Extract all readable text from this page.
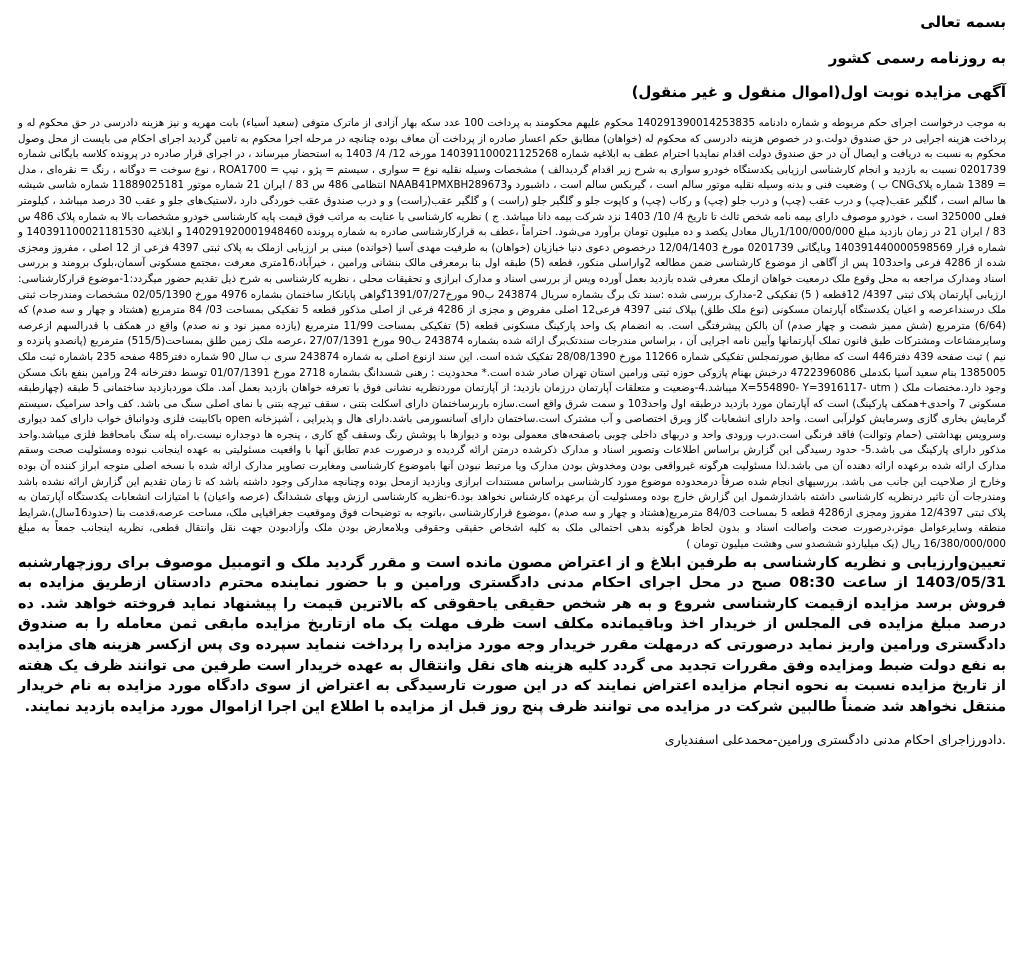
بسمه تعالی

به روزنامه رسمی کشور

آگهی مزایده نوبت اول(اموال منقول و غیر منقول)

به موجب درخواست اجرای حکم مربوطه و شماره دادنامه 140291390014253835 محکوم علیهم محکومند به پرداخت 100 عدد سکه بهار آزادی از ماترک متوفی (سعید آسیاء) بابت مهریه و نیز هزینه دادرسی در حق محکوم له و پرداخت هزینه اجرایی در حق صندوق دولت.و در خصوص هزینه دادرسی که محکوم له (خواهان) مطابق حکم اعسار صادره از پرداخت آن معاف بوده چنانچه در مرحله اجرا محکوم به تامین گردید اجرای احکام می بایست از محل وصول محکوم به نسبت به دریافت و ایصال آن در حق صندوق دولت اقدام نمایدبا احترام عطف به ابلاغیه شماره 140391100021125268 مورخه 12/ 4/ 1403 به استحضار میرساند ، در اجرای قرار صادره در پرونده کلاسه بایگانی شماره 0201739 نسبت به بازدید و انجام کارشناسی ارزیابی یکدستگاه خودرو سواری به شرح زیر اقدام گردیدالف ) مشخصات وسیله نقلیه نوع = سواری ، سیستم = پژو ، تیپ = ROA1700 ، نوع سوخت = دوگانه ، رنگ = نقره‌ای ، مدل = 1389 شماره پلاکCNG ب ) وضعیت فنی و بدنه وسیله نقلیه موتور سالم است ، گیربکس سالم است ، داشبورد وNAAB41PMXBH289673 انتظامی 486 س 83 / ایران 21 شماره موتور 11889025181 شماره شاسی شیشه ها سالم است ، گلگیر عقب(چپ) و درب عقب (چپ) و درب جلو (چپ) و رکاب (چپ) و کاپوت جلو و گلگیر جلو (راست ) و گلگیر عقب(راست) و و درب صندوق عقب خوردگی دارد ،لاستیک‌های جلو و عقب 30 درصد میباشد ، کیلومتر فعلی 325000 است ، خودرو موصوف دارای بیمه نامه شخص ثالث تا تاریخ 4/ 10/ 1403 نزد شرکت بیمه دانا میباشد. ج ) نظریه کارشناسی با عنایت به مراتب فوق قیمت پایه کارشناسی خودرو مشخصات بالا به شماره پلاک 486 س 83 / ایران 21 در زمان بازدید مبلغ 1/100/000/000ریال معادل یکصد و ده میلیون تومان برآورد می‌شود. احتراماً ،عطف به قرارکارشناسی صادره به شماره پرونده 140291920001948460 و ابلاغیه 140391100021181530 و شماره قرار 140391440000598569 وبایگانی 0201739 مورخ 12/04/1403 درخصوص دعوی دنیا خبازیان (خواهان) به طرفیت مهدی آسیا (خوانده) مبنی بر ارزیابی ازملک به پلاک ثبتی 4397 فرعی از 12 اصلی ، مفروز ومجزی شده از 4286 فرعی واحد103 پس از آگاهی از موضوع کارشناسی ضمن مطالعه 2واراسلی منکور، قطعه (5) طبقه اول بنا برمعرفی مالک بنشانی ورامین ، خیرآباد،16متری معرفت ،مجتمع مسکونی آسمان،بلوک برومند و بررسی اسناد ومدارک مراجعه به محل وقوع ملک درمعیت خواهان ازملک معرفی شده بازدید بعمل آورده ویس از بررسی اسناد و مدارک ابرازی و تحقیقات محلی ، نظریه کارشناسی به شرح ذیل تقدیم حضور میگردد:1-موضوع قرارکارشناسی: ارزیابی آپارتمان پلاک ثبتی 4397/ 12قطعه ( 5) تفکیکی 2-مدارک بررسی شده :سند تک برگ بشماره سریال 243874 ب90 مورخ1391/07/27گواهی پایانکار ساختمان بشماره 4976 مورخ 02/05/1390 مشخصات ومندرجات ثبتی ملک درسنداعرصه و اعیان یکدستگاه آپارتمان مسکونی (نوع ملک طلق) بپلاک ثبتی 4397 فرعی12 اصلی مفروض و مجزی از 4286 فرعی از اصلی مذکور قطعه 5 تفکیکی بمساحت 03/ 84 مترمربع (هشتاد و چهار و سه صدم) که (6/64) مترمربع (شش ممیز شصت و چهار صدم) آن بالکن پیشرفتگی است. به انضمام یک واحد پارکینگ مسکونی قطعه (5) تفکیکی بمساحت 11/99 مترمربع (یازده ممیز نود و نه صدم) واقع در همکف با قدرالسهم ازعرصه وسایرمشاعات ومشترکات طبق قانون تملک آپارتمانها وآیین نامه اجرایی آن ، براساس مندرجات سندتک‌برگ ارائه شده بشماره 243874 ب90 مورخ 27/07/1391 ،عرصه ملک زمین طلق بمساحت(515/5) مترمربع (پانصدو پانزده و نیم ) ثبت صفحه 439 دفتر446 است که مطابق صورتمجلس تفکیکی شماره 11266 مورخ 28/08/1390 تفکیک شده است. این سند ازنوع اصلی به شماره 243874 سری ب سال 90 شماره دفتر485 صفحه 235 باشماره ثبت ملک 1385005 بنام سعید آسیا بکدملی 4722396086 درخبش بهنام پازوکی حوزه ثبتی ورامین استان تهران صادر شده است.* محدودیت : رهنی شسدانگ بشماره 2718 مورخ 01/07/1391 توسط دفترخانه 24 ورامین بنفع بانک مسکن وجود دارد.مختصات ملک ( X=554890- Y=3916117- utm میباشد.4-وضعیت و متعلقات آپارتمان درزمان بازدید: از آپارتمان موردنظریه نشانی فوق با تعرفه خواهان بازدید بعمل آمد. ملک موردبازدید ساختمانی 5 طبقه (چهارطبقه مسکونی 7 واحدی+همکف پارکینگ) است که آپارتمان مورد بازدید درطبقه اول واحد103 و سمت شرق واقع است.سازه باربرساختمان دارای اسکلت بتنی ، سقف تیرچه بتنی با نمای اصلی سنگ می باشد. کف واحد سرامیک ،سیستم گرمایش بخاری گازی وسرمایش کولرآبی است. واحد دارای انشعابات گاز وبرق اختصاصی و آب مشترک است.ساختمان دارای آسانسورمی باشد.دارای هال و پذیرایی ، آشپزخانه open باکابینت فلزی ودوانباق خواب دارای کمد دیواری وسرویس بهداشتی (حمام وتوالت) فاقد فرنگی است.درب ورودی واحد و دربهای داخلی چوبی باصفحه‌های معمولی بوده و دیوارها با پوشش رنگ وسقف گچ کاری ، پنجره ها دوجداره نیست.راه پله سنگ بامحافظ فلزی میباشد.واحد مذکور دارای پارکینگ می باشد.5- حدود رسیدگی این گزارش براساس اطلاعات وتصویر اسناد و مدارک ذکرشده درمتن ارائه گردیده و درصورت عدم تطابق آنها با واقعیت مسئولیتی به عهده اینجانب نبوده ومسئولیت صحت وسقم مدارک ارائه شده برعهده ارائه دهنده آن می باشد.لذا مسئولیت هرگونه غیرواقعی بودن ومخدوش بودن مدارک ویا مرتبط نبودن آنها باموضوع کارشناسی ومغایرت تصاویر مدارک ارائه شده با نسخه اصلی متوجه ابراز کننده آن بوده وخارج از صلاحیت این جانب می باشد. بررسیهای انجام شده صرفاً درمحدوده موضوع مورد کارشناسی براساس مستندات ابرازی وبازدید ازمحل بوده وچنانچه مدارکی وجود داشته باشد که تا زمان تقدیم این گزارش ارائه نشده باشد ومندرجات آن تاثیر درنظریه کارشناسی داشته باشدازشمول این گزارش خارج بوده ومسئولیت آن برعهده کارشناس نخواهد بود.6-نظریه کارشناسی ارزش وبهای ششدانگ (عرصه واعیان) با امتیازات انشعابات یکدستگاه آپارتمان به پلاک ثبتی 12/4397 مفروز ومجزی از4286 قطعه 5 بمساحت 84/03 مترمربع(هشتاد و چهار و سه صدم) ،موضوع قرارکارشناسی ،باتوجه به توضیحات فوق وموقعیت جغرافیایی ملک، مساحت عرصه،قدمت بنا (حدود16سال)،شرایط منطقه وسایرعوامل موثر،درصورت صحت واصالت اسناد و بدون لحاظ هرگونه بدهی احتمالی ملک به کلیه اشخاص حقیقی وحقوقی وبلامعارض بودن ملک وآزادبودن جهت نقل وانتقال قطعی، نظریه اینجانب جمعاً به مبلغ 16/380/000/000 ریال (یک میلیاردو ششصدو سی وهشت میلیون تومان )
تعیین‌وارزیابی و نظریه کارشناسی به طرفین ابلاغ و از اعتراض مصون مانده است و مقرر گردید ملک و اتومبیل موصوف برای روزچهارشنبه 1403/05/31 از ساعت 08:30 صبح در محل اجرای احکام مدنی دادگستری ورامین و با حضور نماینده محترم دادستان ازطریق مزایده به فروش برسد مزایده ازقیمت کارشناسی شروع و به هر شخص حقیقی یاحقوقی که بالاترین قیمت را پیشنهاد نماید فروخته خواهد شد. ده درصد مبلغ مزایده فی المجلس از خریدار اخذ وباقیمانده مکلف است ظرف مهلت یک ماه ازتاریخ مزایده مابقی ثمن معامله را به صندوق دادگستری ورامین واریز نماید درصورتی که درمهلت مقرر خریدار وجه مورد مزایده را پرداخت ننماید سپرده وی پس ازکسر هزینه های مزایده به نفع دولت ضبط ومزایده وفق مقررات تجدید می گردد کلیه هزینه های نقل وانتقال به عهده خریدار است طرفین می توانند ظرف یک هفته از تاریخ مزایده نسبت به نحوه انجام مزایده اعتراض نمایند که در این صورت تارسیدگی به اعتراض از سوی دادگاه مورد مزایده به نام خریدار منتقل نخواهد شد ضمناً طالبین شرکت در مزایده می توانند ظرف پنج روز قبل از مزایده با اطلاع این اجرا ازاموال مورد مزایده بازدید نمایند.

.دادورزاجرای احکام مدنی دادگستری ورامین-محمدعلی اسفندیاری
